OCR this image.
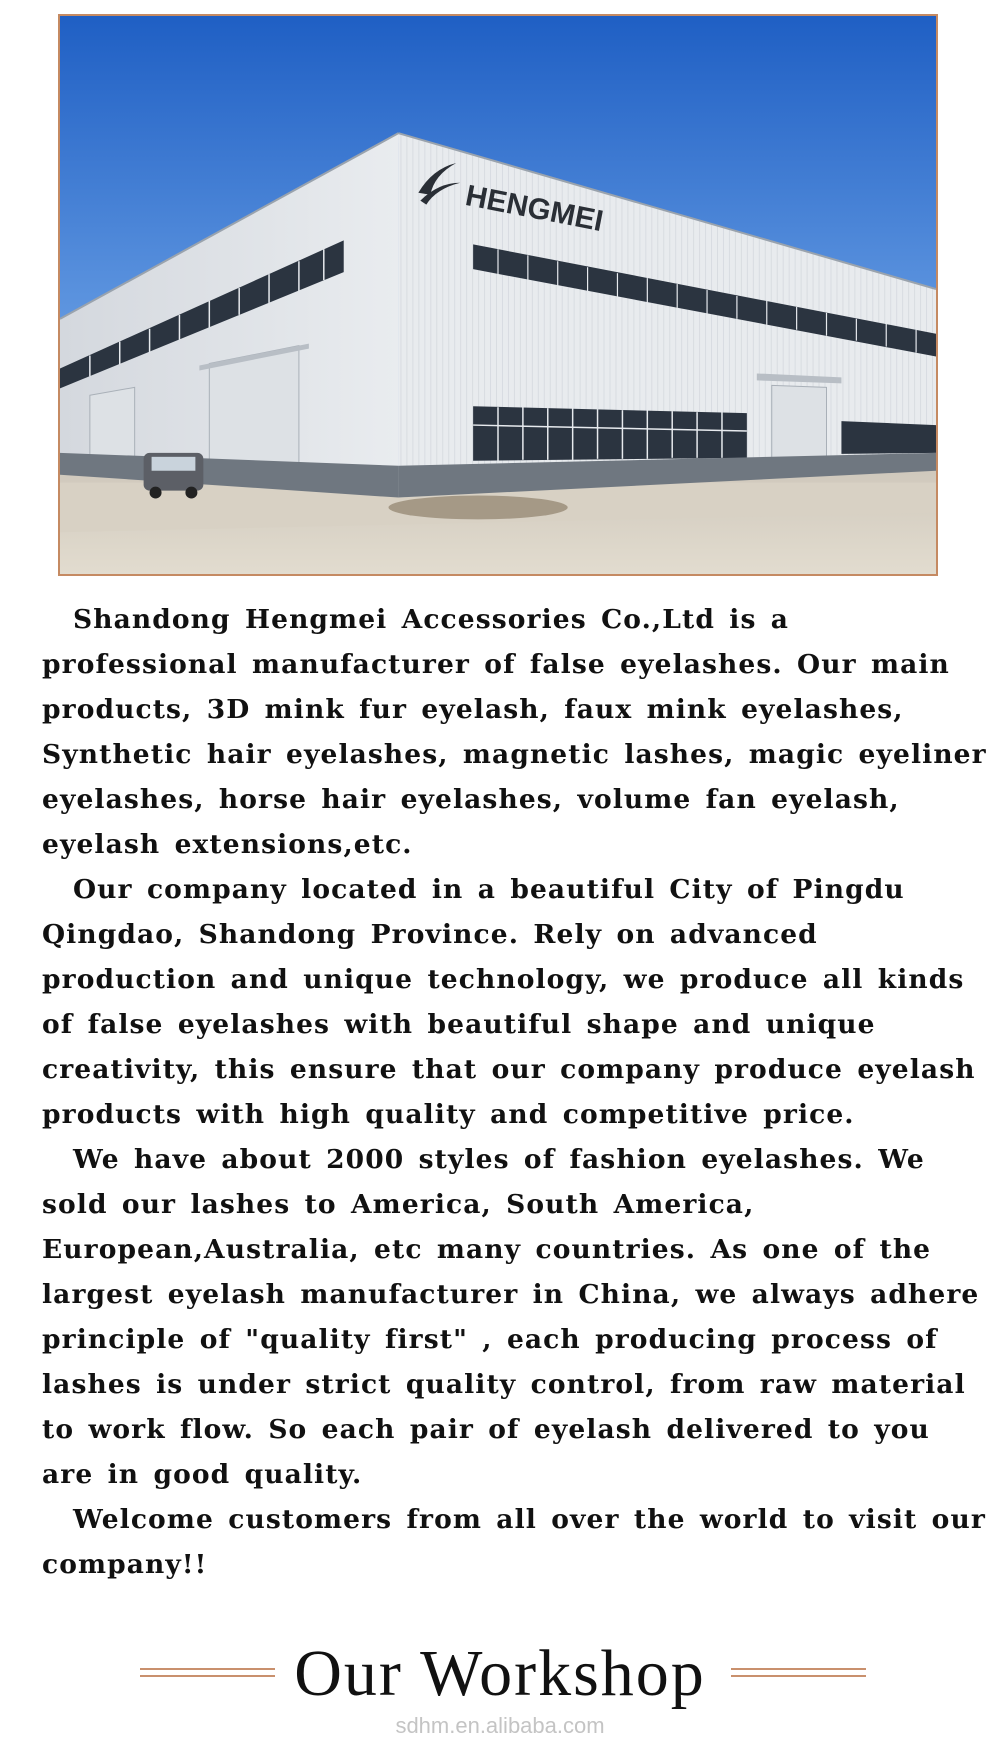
HENGMEI

Shandong Hengmei Accessories Co.,Ltd is a professional manufacturer of false eyelashes. Our main products, 3D mink fur eyelash, faux mink eyelashes, Synthetic hair eyelashes, magnetic lashes, magic eyeliner eyelashes, horse hair eyelashes, volume fan eyelash, eyelash extensions,etc.

Our company located in a beautiful City of Pingdu Qingdao, Shandong Province. Rely on advanced production and unique technology, we produce all kinds of false eyelashes with beautiful shape and unique creativity, this ensure that our company produce eyelash products with high quality and competitive price.

We have about 2000 styles of fashion eyelashes. We sold our lashes to America, South America, European,Australia, etc many countries. As one of the largest eyelash manufacturer in China, we always adhere principle of "quality first" , each producing process of lashes is under strict quality control, from raw material to work flow. So each pair of eyelash delivered to you are in good quality.

Welcome customers from all over the world to visit our company!!

Our Workshop
sdhm.en.alibaba.com
